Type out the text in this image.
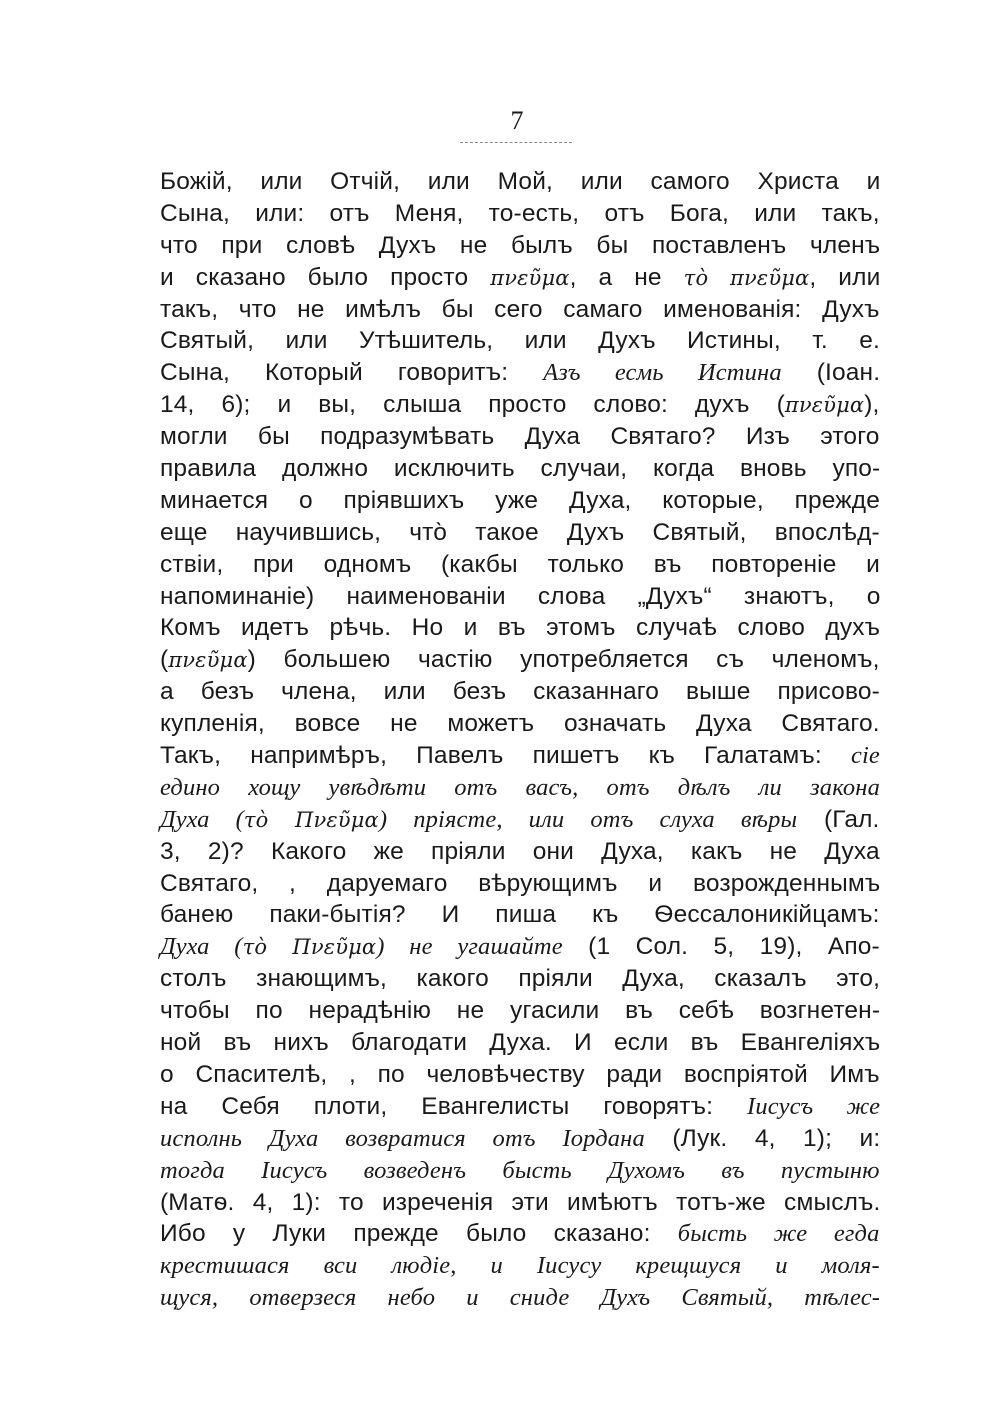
7
Божій, или Отчій, или Мой, или самого Христа и
Сына, или: отъ Меня, то-есть, отъ Бога, или такъ,
что при словѣ Духъ не былъ бы поставленъ членъ
и сказано было просто πνεῦμα, а не τὸ πνεῦμα, или
такъ, что не имѣлъ бы сего самаго именованія: Духъ
Святый, или Утѣшитель, или Духъ Истины, т. е.
Сына, Который говоритъ: Азъ есмь Истина (Іоан.
14, 6); и вы, слыша просто слово: духъ (πνεῦμα),
могли бы подразумѣвать Духа Святаго? Изъ этого
правила должно исключить случаи, когда вновь упо-
минается о пріявшихъ уже Духа, которые, прежде
еще научившись, что̀ такое Духъ Святый, впослѣд-
ствіи, при одномъ (какбы только въ повтореніе и
напоминаніе) наименованіи слова „Духъ“ знаютъ, о
Комъ идетъ рѣчь. Но и въ этомъ случаѣ слово духъ
(πνεῦμα) большею частію употребляется съ членомъ,
а безъ члена, или безъ сказаннаго выше присово-
купленія, вовсе не можетъ означать Духа Святаго.
Такъ, напримѣръ, Павелъ пишетъ къ Галатамъ: сіе
едино хощу увѣдѣти отъ васъ, отъ дѣлъ ли закона
Духа (τὸ Πνεῦμα) пріясте, или отъ слуха вѣры (Гал.
3, 2)? Какого же пріяли они Духа, какъ не Духа
Святаго, , даруемаго вѣрующимъ и возрожденнымъ
банею паки-бытія? И пиша къ Ѳессалоникійцамъ:
Духа (τὸ Πνεῦμα) не угашайте (1 Сол. 5, 19), Апо-
столъ знающимъ, какого пріяли Духа, сказалъ это,
чтобы по нерадѣнію не угасили въ себѣ возгнетен-
ной въ нихъ благодати Духа. И если въ Евангеліяхъ
о Спасителѣ, , по человѣчеству ради воспріятой Имъ
на Себя плоти, Евангелисты говорятъ: Іисусъ же
исполнь Духа возвратися отъ Іордана (Лук. 4, 1); и:
тогда Іисусъ возведенъ бысть Духомъ въ пустыню
(Матѳ. 4, 1): то изреченія эти имѣютъ тотъ-же смыслъ.
Ибо у Луки прежде было сказано: бысть же егда
крестишася вси людіе, и Іисусу крещшуся и моля-
щуся, отверзеся небо и сниде Духъ Святый, тѣлес-
